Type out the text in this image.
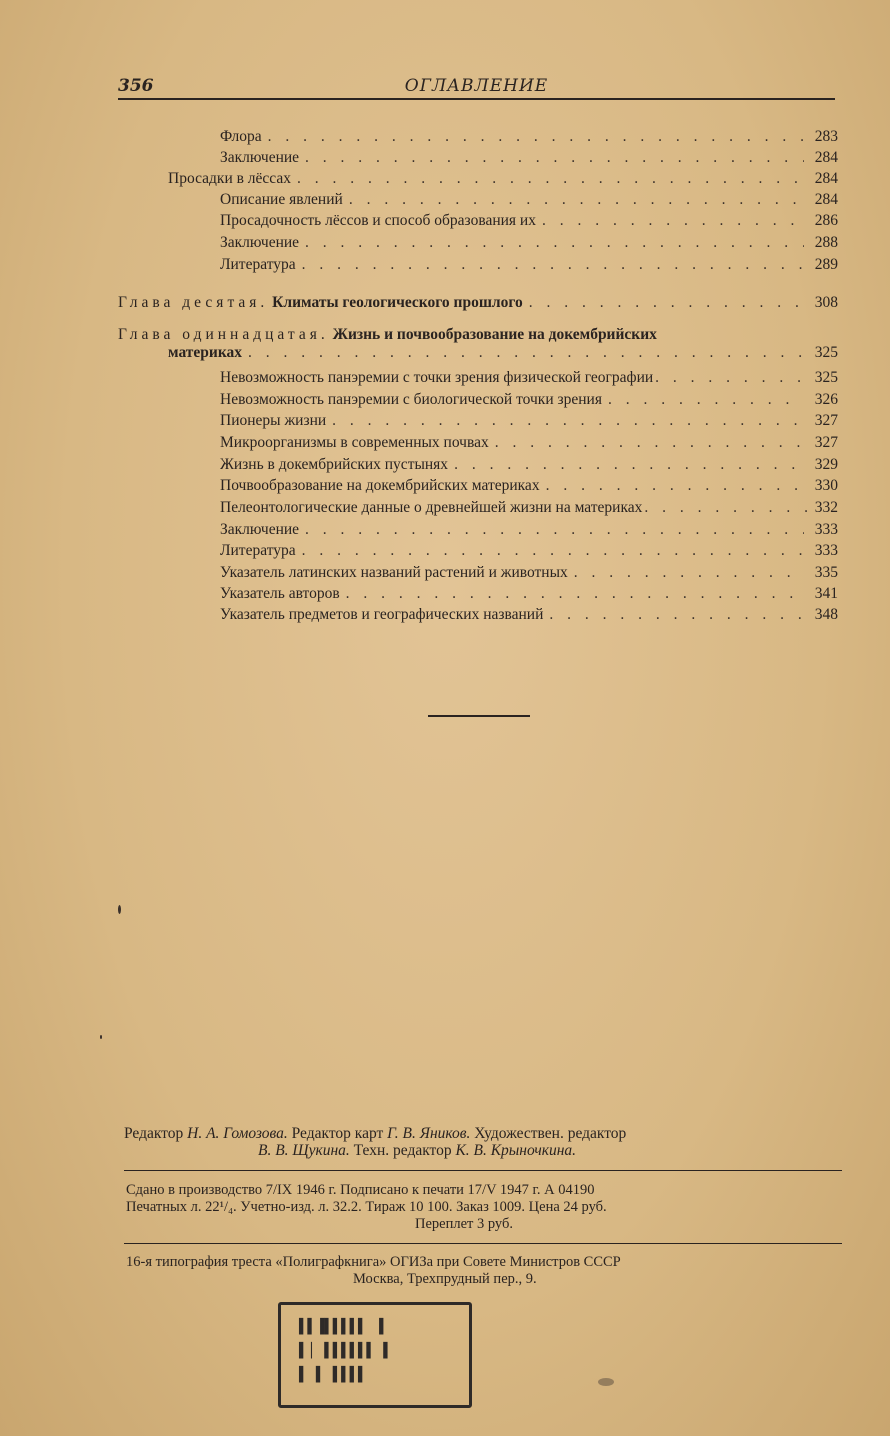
356	ОГЛАВЛЕНИЕ
Флора . . .	283
Заключение . . .	284
Просадки в лёссах . . .	284
Описание явлений . . .	284
Просадочность лёссов и способ образования их . . .	286
Заключение . . .	288
Литература . . .	289
Глава десятая. Климаты геологического прошлого . . .	308
Глава одиннадцатая. Жизнь и почвообразование на докембрийских
материках . . .	325
Невозможность панэремии с точки зрения физической географии . . .	325
Невозможность панэремии с биологической точки зрения . . .	326
Пионеры жизни . . .	327
Микроорганизмы в современных почвах . . .	327
Жизнь в докембрийских пустынях . . .	329
Почвообразование на докембрийских материках . . .	330
Пелеонтологические данные о древнейшей жизни на материках . . .	332
Заключение . . .	333
Литература . . .	333
Указатель латинских названий растений и животных . . .	335
Указатель авторов . . .	341
Указатель предметов и географических названий . . .	348
Редактор Н. А. Гомозова. Редактор карт Г. В. Яников. Художествен. редактор
В. В. Щукина. Техн. редактор К. В. Крыночкина.
Сдано в производство 7/IX 1946 г. Подписано к печати 17/V 1947 г. А 04190
Печатных л. 22¹/₄. Учетно-изд. л. 32.2. Тираж 10 100. Заказ 1009. Цена 24 руб.
Переплет 3 руб.
16-я типография треста «Полиграфкнига» ОГИЗа при Совете Министров СССР
Москва, Трехпрудный пер., 9.
▌▌▐▌▌▌▌▌ ▐
▌│ ▌▌▌▌▌▌ ▌
▌ ▌ ▌▌▌▌
